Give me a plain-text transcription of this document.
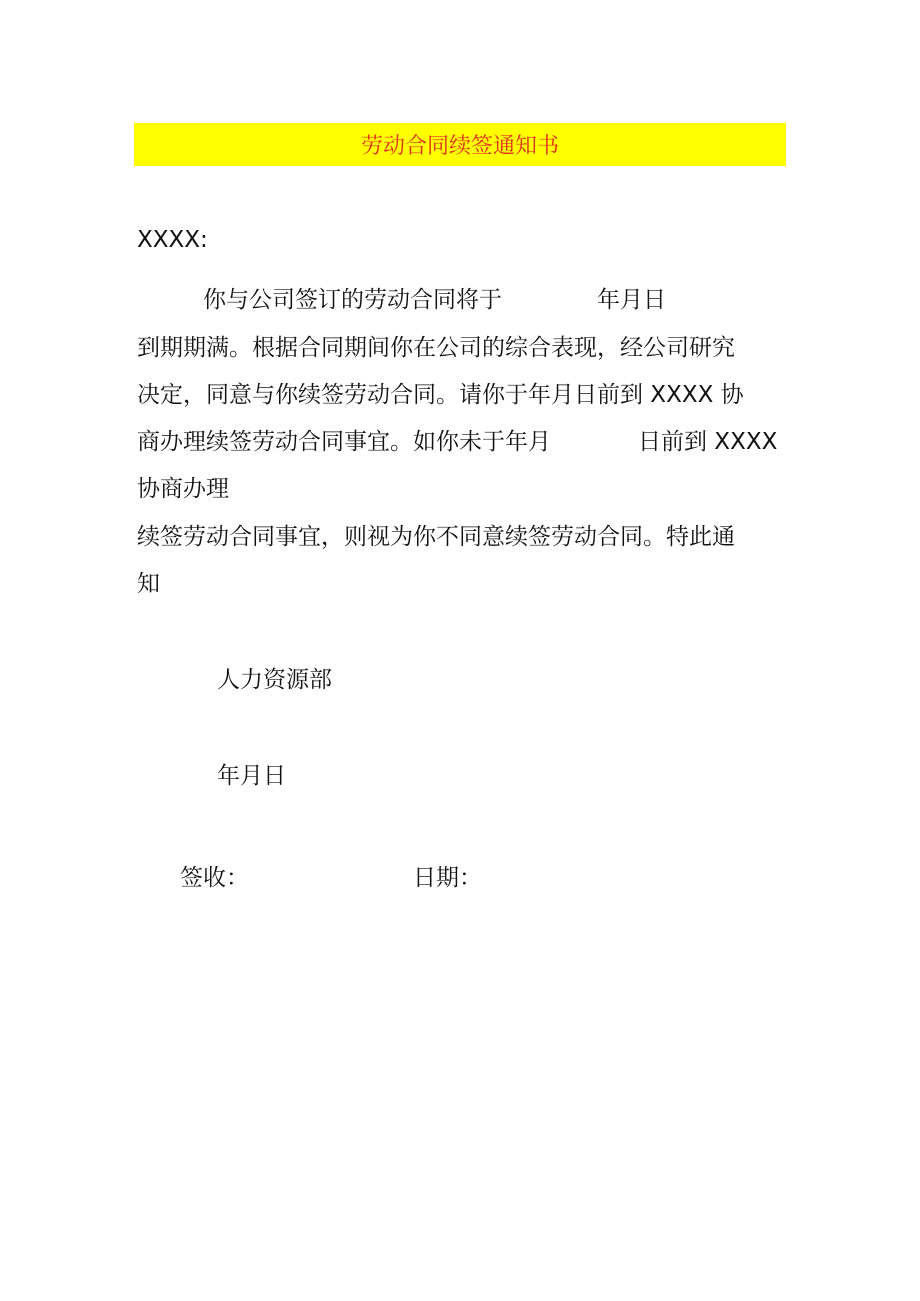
劳动合同续签通知书
XXXX:
你与公司签订的劳动合同将于	年月日
到期期满。根据合同期间你在公司的综合表现，经公司研究
决定，同意与你续签劳动合同。请你于年月日前到 XXXX 协
商办理续签劳动合同事宜。如你未于年月	日前到 XXXX
协商办理
续签劳动合同事宜，则视为你不同意续签劳动合同。特此通
知
人力资源部
年月日
签收：	日期：
